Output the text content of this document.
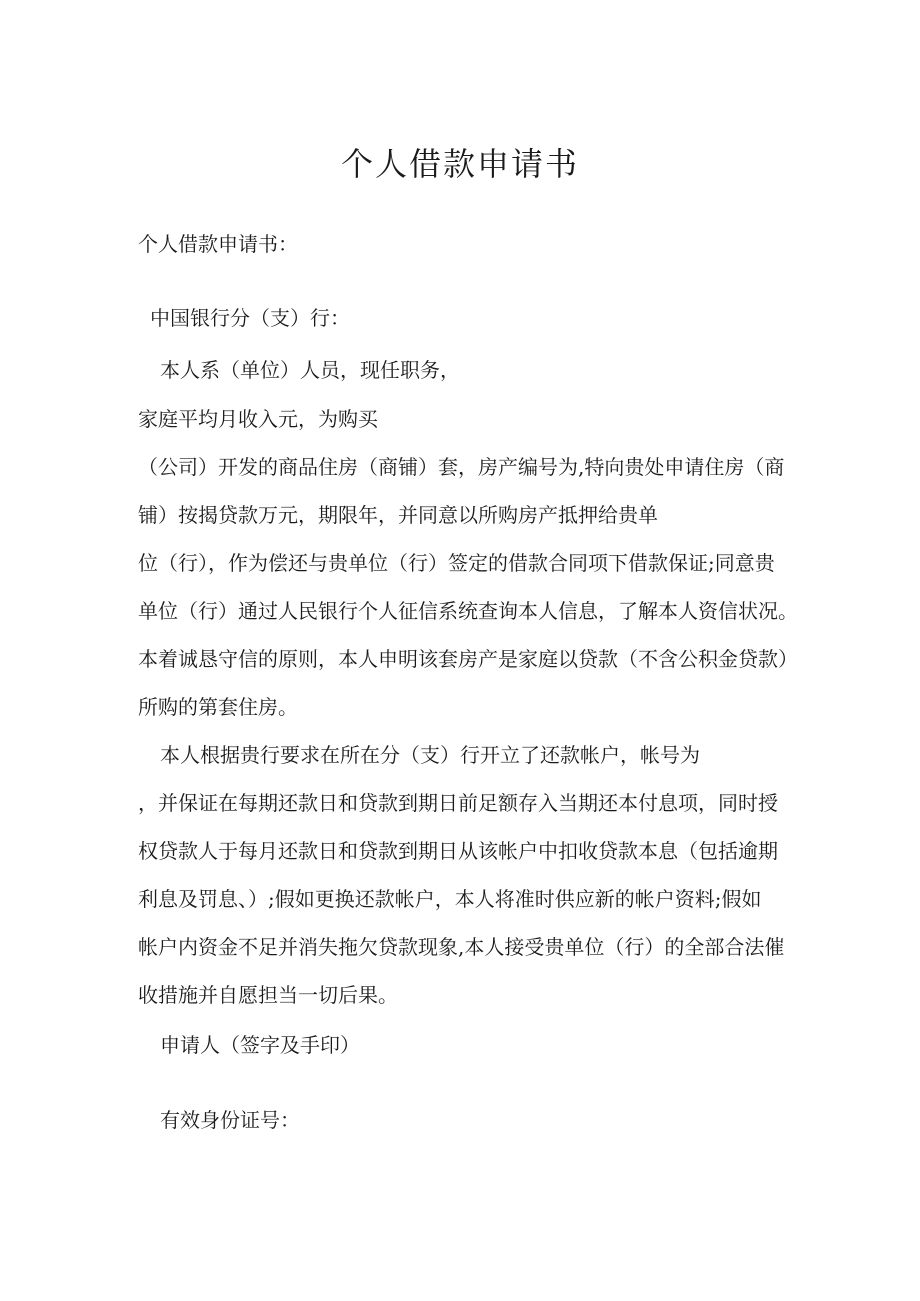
个人借款申请书

个人借款申请书：

中国银行分（支）行：

本人系（单位）人员，现任职务，

家庭平均月收入元，为购买

（公司）开发的商品住房（商铺）套，房产编号为,特向贵处申请住房（商

铺）按揭贷款万元，期限年，并同意以所购房产抵押给贵单

位（行），作为偿还与贵单位（行）签定的借款合同项下借款保证;同意贵

单位（行）通过人民银行个人征信系统查询本人信息，了解本人资信状况。

本着诚恳守信的原则，本人申明该套房产是家庭以贷款（不含公积金贷款）

所购的第套住房。

本人根据贵行要求在所在分（支）行开立了还款帐户，帐号为

，并保证在每期还款日和贷款到期日前足额存入当期还本付息项，同时授

权贷款人于每月还款日和贷款到期日从该帐户中扣收贷款本息（包括逾期

利息及罚息、）;假如更换还款帐户，本人将准时供应新的帐户资料;假如

帐户内资金不足并消失拖欠贷款现象,本人接受贵单位（行）的全部合法催

收措施并自愿担当一切后果。

申请人（签字及手印）

有效身份证号：
